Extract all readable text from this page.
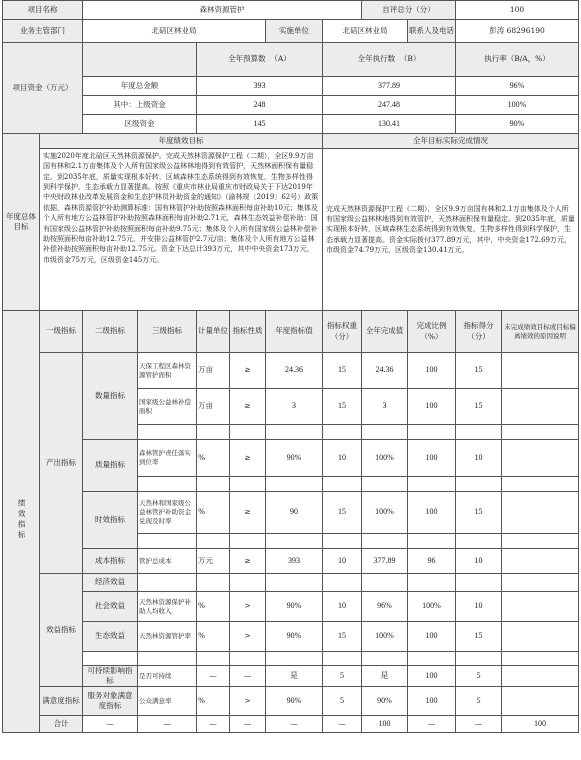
项目名称		森林资源管护						自评总分（分）		100		
业务主管部门		北碚区林业局				实施单位	北碚区林业局		联系人及电话	彭涛 68296190		
项目资金（万元）				全年预算数 （A）			全年执行数 （B）			执行率（B/A，%）		
		年度总金额		393			377.89			96%		
		其中：上级资金		248			247.48			100%		
		区级资金		145			130.41			90%		
年度总体目标	年度绩效目标						全年目标实际完成情况					
	实施2020年度北碚区天然林资源保护。完成天然林资源保护工程（二期），全区9.9万亩国有林和2.1万亩集体及个人所有国家级公益林林地得到有效管护，天然林面积保有量稳定。到2035年底，质量实现根本好转，区域森林生态系统得到有效恢复，生物多样性得到科学保护，生态承载力显著提高。按照《重庆市林业局重庆市财政局关于下达2019年中央财政林业改革发展资金和生态护林员补助资金的通知》（渝林规〔2019〕62号）政策依据，森林资源管护补助测算标准：国有林管护补助按照森林面积每亩补助10元；集体及个人所有地方公益林管护补助按照森林面积每亩补助2.71元，森林生态效益补偿补助：国有国家级公益林管护补助按照面积每亩补助9.75元；集体及个人所有国家级公益林补偿补助按照面积每亩补助12.75元，并安排公益林管护2.7元/亩；集体及个人所有地方公益林补偿补助按照面积每亩补助12.75元。资金下达总计393万元，其中中央资金173万元，市级资金75万元，区级资金145万元。						完成天然林资源保护工程（二期），全区9.9万亩国有林和2.1万亩集体及个人所有国家级公益林林地得到有效管护，天然林面积保有量稳定。到2035年底，质量实现根本好转，区域森林生态系统得到有效恢复，生物多样性得到科学保护，生态承载力显著提高。资金实际拨付377.89万元，其中，中央资金172.69万元，市级资金74.79万元，区级资金130.41万元。					
绩效指标	一级指标	二级指标	三级指标	计量单位	指标性质	年度指标值	指标权重（分）	全年完成值	完成比例（%）	指标得分（分）	未完成绩效目标或目标偏离绩效的原因说明	
	产出指标	数量指标	天保工程区森林资源管护面积	万亩	≥	24.36	15	24.36	100	15		
			国家级公益林补偿面积	万亩	≥	3	15	3	100	15		

		质量指标	森林管护责任落实到位率	%	≥	90%	10	100%	100	10		

		时效指标	天然林和国家级公益林管护补助资金兑现及时率	%	≥	90	15	100%	100	15		

		成本指标	管护总成本	万元	≥	393	10	377.89	96	10		
	效益指标	经济效益										
		社会效益	天然林资源保护补助人均收入	%	>	90%	10	96%	100%	10		
		生态效益	天然林资源管护率	%	>	90%	15	100%	100	15		

		可持续影响指标	是否可持续	—	—	是	5	是	100	5		
	满意度指标	服务对象满意度指标	公众满意率	%	>	90%	5	90%	100	5		
	合计	—	—	—	—	—	—	100	—	—	100	
